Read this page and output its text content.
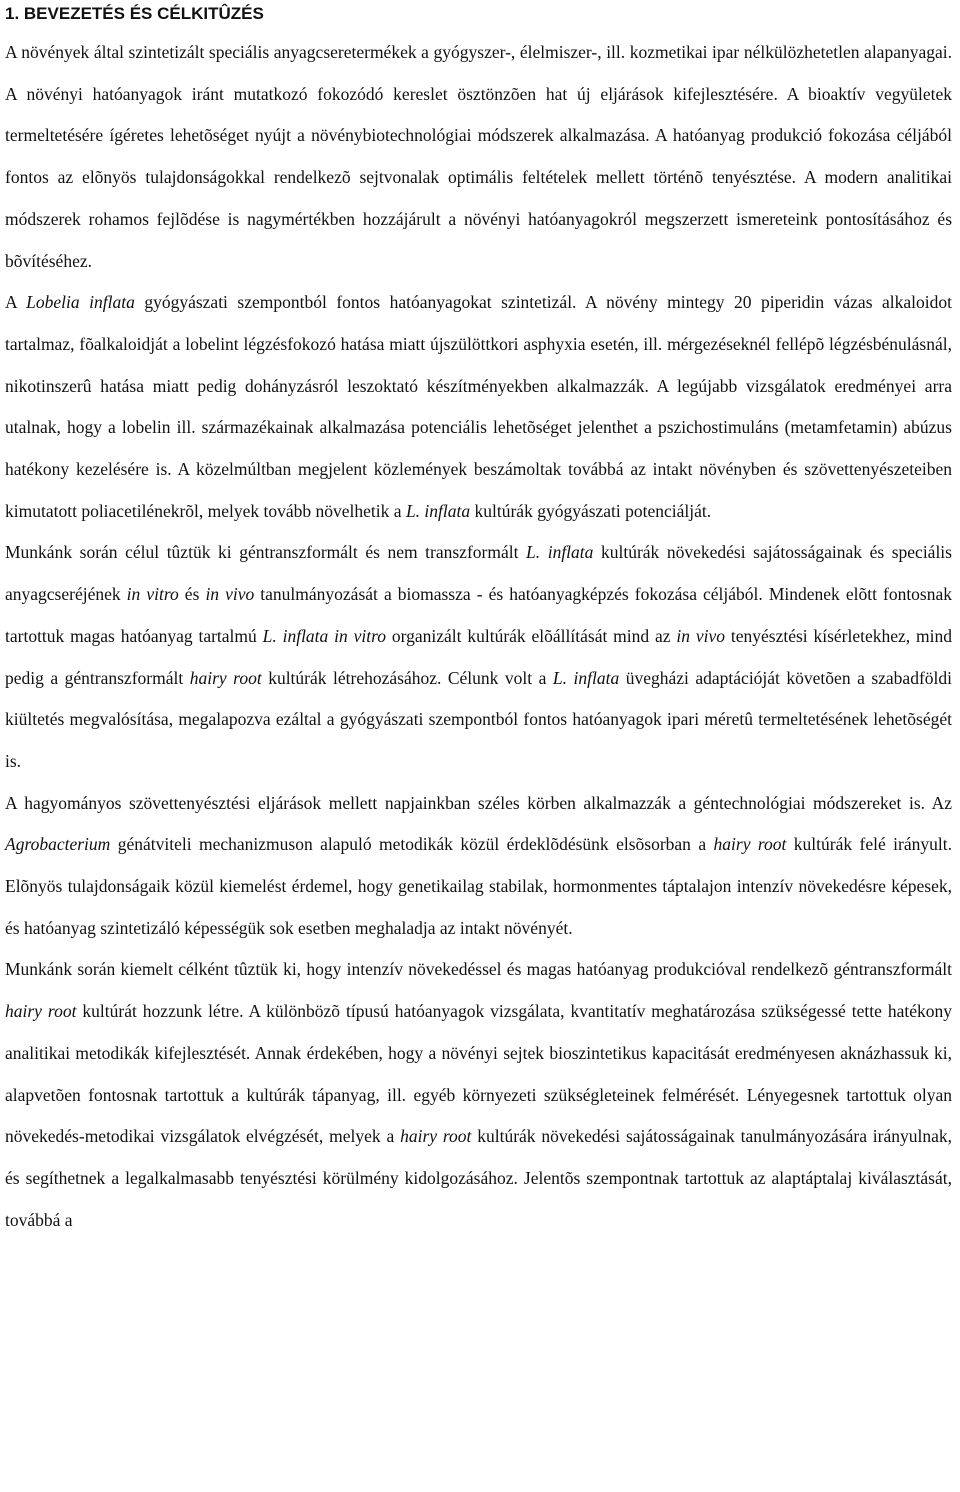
1. BEVEZETÉS ÉS CÉLKITÛZÉS

A növények által szintetizált speciális anyagcseretermékek a gyógyszer-, élelmiszer-, ill. kozmetikai ipar nélkülözhetetlen alapanyagai. A növényi hatóanyagok iránt mutatkozó fokozódó kereslet ösztönzõen hat új eljárások kifejlesztésére. A bioaktív vegyületek termeltetésére ígéretes lehetõséget nyújt a növénybiotechnológiai módszerek alkalmazása. A hatóanyag produkció fokozása céljából fontos az elõnyös tulajdonságokkal rendelkezõ sejtvonalak optimális feltételek mellett történõ tenyésztése. A modern analitikai módszerek rohamos fejlõdése is nagymértékben hozzájárult a növényi hatóanyagokról megszerzett ismereteink pontosításához és bõvítéséhez.

A Lobelia inflata gyógyászati szempontból fontos hatóanyagokat szintetizál. A növény mintegy 20 piperidin vázas alkaloidot tartalmaz, fõalkaloidját a lobelint légzésfokozó hatása miatt újszülöttkori asphyxia esetén, ill. mérgezéseknél fellépõ légzésbénulásnál, nikotinszerû hatása miatt pedig dohányzásról leszoktató készítményekben alkalmazzák. A legújabb vizsgálatok eredményei arra utalnak, hogy a lobelin ill. származékainak alkalmazása potenciális lehetõséget jelenthet a pszichostimuláns (metamfetamin) abúzus hatékony kezelésére is. A közelmúltban megjelent közlemények beszámoltak továbbá az intakt növényben és szövettenyészeteiben kimutatott poliacetilénekrõl, melyek tovább növelhetik a L. inflata kultúrák gyógyászati potenciálját.

Munkánk során célul tûztük ki géntranszformált és nem transzformált L. inflata kultúrák növekedési sajátosságainak és speciális anyagcseréjének in vitro és in vivo tanulmányozását a biomassza - és hatóanyagképzés fokozása céljából. Mindenek elõtt fontosnak tartottuk magas hatóanyag tartalmú L. inflata in vitro organizált kultúrák elõállítását mind az in vivo tenyésztési kísérletekhez, mind pedig a géntranszformált hairy root kultúrák létrehozásához. Célunk volt a L. inflata üvegházi adaptációját követõen a szabadföldi kiültetés megvalósítása, megalapozva ezáltal a gyógyászati szempontból fontos hatóanyagok ipari méretû termeltetésének lehetõségét is.

A hagyományos szövettenyésztési eljárások mellett napjainkban széles körben alkalmazzák a géntechnológiai módszereket is. Az Agrobacterium génátviteli mechanizmuson alapuló metodikák közül érdeklõdésünk elsõsorban a hairy root kultúrák felé irányult. Elõnyös tulajdonságaik közül kiemelést érdemel, hogy genetikailag stabilak, hormonmentes táptalajon intenzív növekedésre képesek, és hatóanyag szintetizáló képességük sok esetben meghaladja az intakt növényét.

Munkánk során kiemelt célként tûztük ki, hogy intenzív növekedéssel és magas hatóanyag produkcióval rendelkezõ géntranszformált hairy root kultúrát hozzunk létre. A különbözõ típusú hatóanyagok vizsgálata, kvantitatív meghatározása szükségessé tette hatékony analitikai metodikák kifejlesztését. Annak érdekében, hogy a növényi sejtek bioszintetikus kapacitását eredményesen aknázhassuk ki, alapvetõen fontosnak tartottuk a kultúrák tápanyag, ill. egyéb környezeti szükségleteinek felmérését. Lényegesnek tartottuk olyan növekedés-metodikai vizsgálatok elvégzését, melyek a hairy root kultúrák növekedési sajátosságainak tanulmányozására irányulnak, és segíthetnek a legalkalmasabb tenyésztési körülmény kidolgozásához. Jelentõs szempontnak tartottuk az alaptáptalaj kiválasztását, továbbá a
